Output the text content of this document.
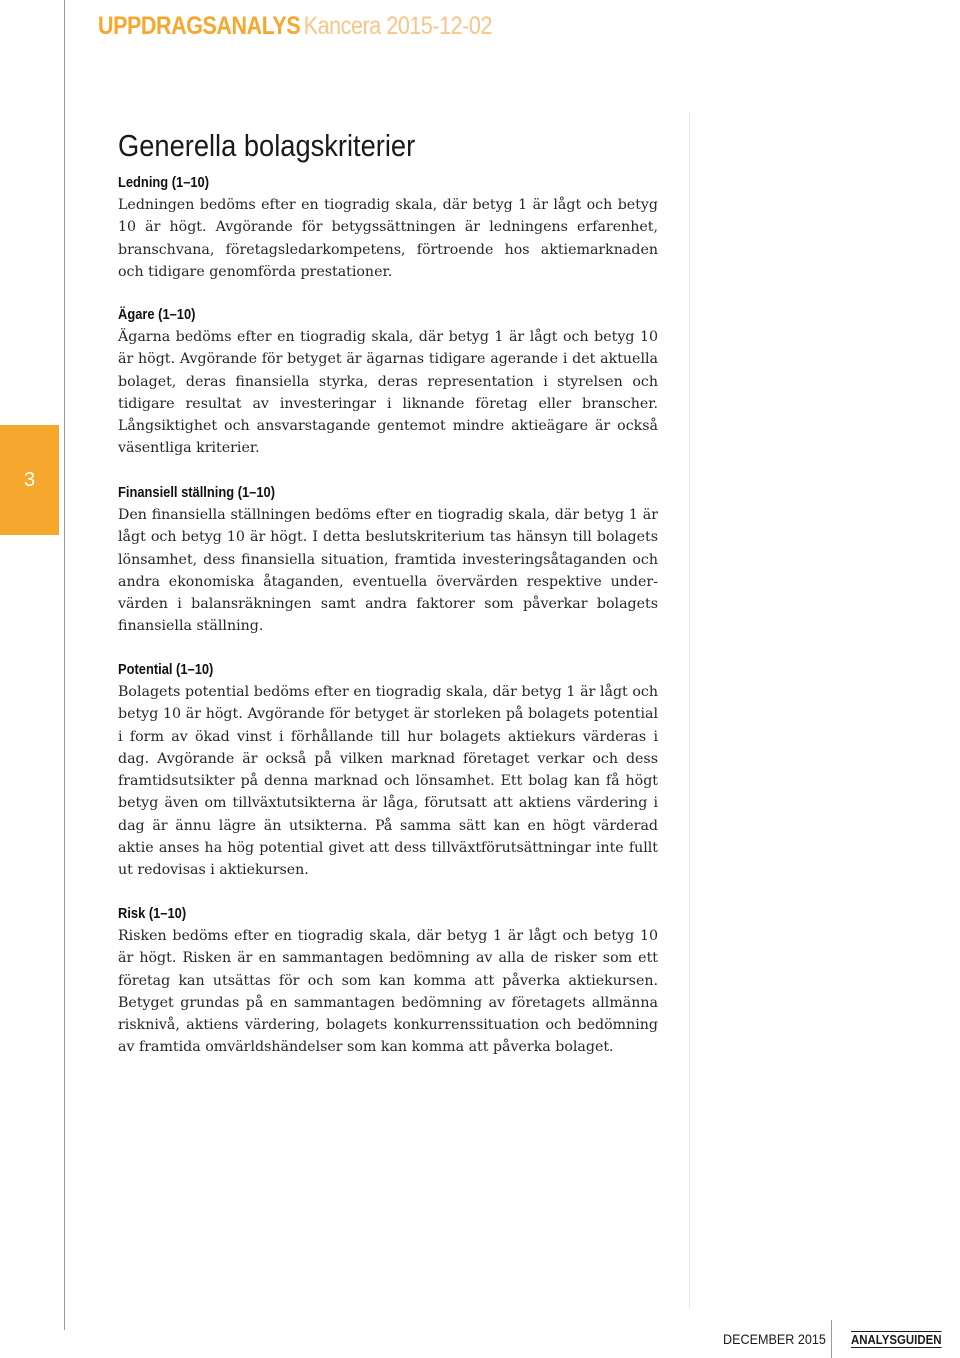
UPPDRAGSANALYS Kancera 2015-12-02
3
Generella bolagskriterier
Ledning (1–10)

Ledningen bedöms efter en tiogradig skala, där betyg 1 är lågt och betyg 10 är högt. Avgörande för betygssättningen är ledningens erfarenhet, branschvana, företagsledarkompetens, förtroende hos aktiemarknaden och tidigare genomförda prestationer.

Ägare (1–10)

Ägarna bedöms efter en tiogradig skala, där betyg 1 är lågt och betyg 10 är högt. Avgörande för betyget är ägarnas tidigare agerande i det aktuella bolaget, deras finansiella styrka, deras representation i styrelsen och tidigare resultat av investeringar i liknande företag eller branscher. Långsiktighet och ansvarstagande gentemot mindre aktieägare är också väsentliga kriterier.

Finansiell ställning (1–10)

Den finansiella ställningen bedöms efter en tiogradig skala, där betyg 1 är lågt och betyg 10 är högt. I detta beslutskriterium tas hänsyn till bolagets lönsamhet, dess finansiella situation, framtida investeringsåtaganden och andra ekonomiska åtaganden, eventuella övervärden respektive undervärden i balansräkningen samt andra faktorer som påverkar bolagets finansiella ställning.

Potential (1–10)

Bolagets potential bedöms efter en tiogradig skala, där betyg 1 är lågt och betyg 10 är högt. Avgörande för betyget är storleken på bolagets potential i form av ökad vinst i förhållande till hur bolagets aktiekurs värderas i dag. Avgörande är också på vilken marknad företaget verkar och dess framtidsutsikter på denna marknad och lönsamhet. Ett bolag kan få högt betyg även om tillväxtutsikterna är låga, förutsatt att aktiens värdering i dag är ännu lägre än utsikterna. På samma sätt kan en högt värderad aktie anses ha hög potential givet att dess tillväxtförutsättningar inte fullt ut redovisas i aktiekursen.

Risk (1–10)

Risken bedöms efter en tiogradig skala, där betyg 1 är lågt och betyg 10 är högt. Risken är en sammantagen bedömning av alla de risker som ett företag kan utsättas för och som kan komma att påverka aktiekursen. Betyget grundas på en sammantagen bedömning av företagets allmänna risknivå, aktiens värdering, bolagets konkurrenssituation och bedömning av framtida omvärldshändelser som kan komma att påverka bolaget.

DECEMBER 2015 ANALYSGUIDEN
